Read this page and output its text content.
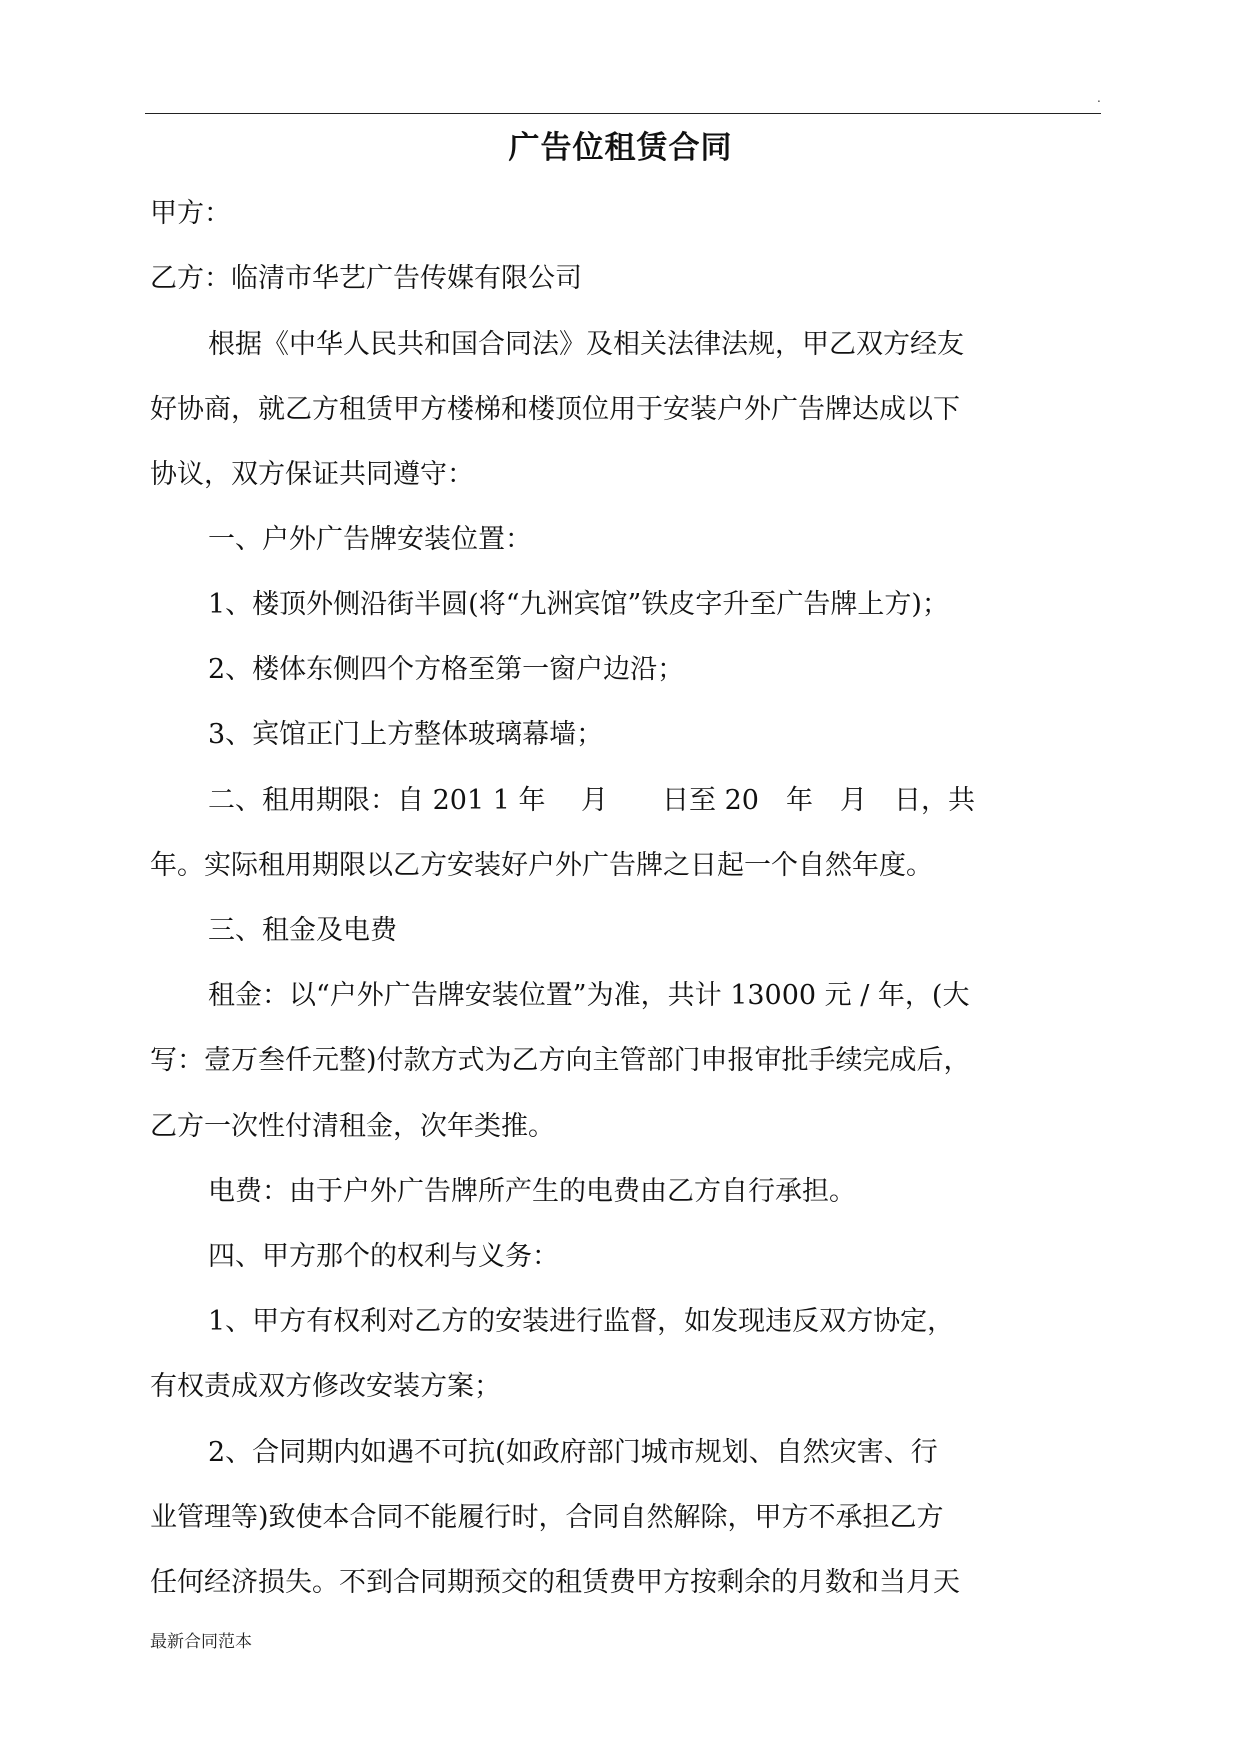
.
广告位租赁合同
甲方：
乙方：临清市华艺广告传媒有限公司
根据《中华人民共和国合同法》及相关法律法规，甲乙双方经友
好协商，就乙方租赁甲方楼梯和楼顶位用于安装户外广告牌达成以下
协议，双方保证共同遵守：
一、户外广告牌安装位置：
1、楼顶外侧沿街半圆(将“九洲宾馆”铁皮字升至广告牌上方)；
2、楼体东侧四个方格至第一窗户边沿；
3、宾馆正门上方整体玻璃幕墙；
二、租用期限：自 201 1 年　 月　　日至 20　年　月　日，共
年。实际租用期限以乙方安装好户外广告牌之日起一个自然年度。
三、租金及电费
租金：以“户外广告牌安装位置”为准，共计 13000 元 / 年，(大
写：壹万叁仟元整)付款方式为乙方向主管部门申报审批手续完成后，
乙方一次性付清租金，次年类推。
电费：由于户外广告牌所产生的电费由乙方自行承担。
四、甲方那个的权利与义务：
1、甲方有权利对乙方的安装进行监督，如发现违反双方协定，
有权责成双方修改安装方案；
2、合同期内如遇不可抗(如政府部门城市规划、自然灾害、行
业管理等)致使本合同不能履行时，合同自然解除，甲方不承担乙方
任何经济损失。不到合同期预交的租赁费甲方按剩余的月数和当月天
最新合同范本
